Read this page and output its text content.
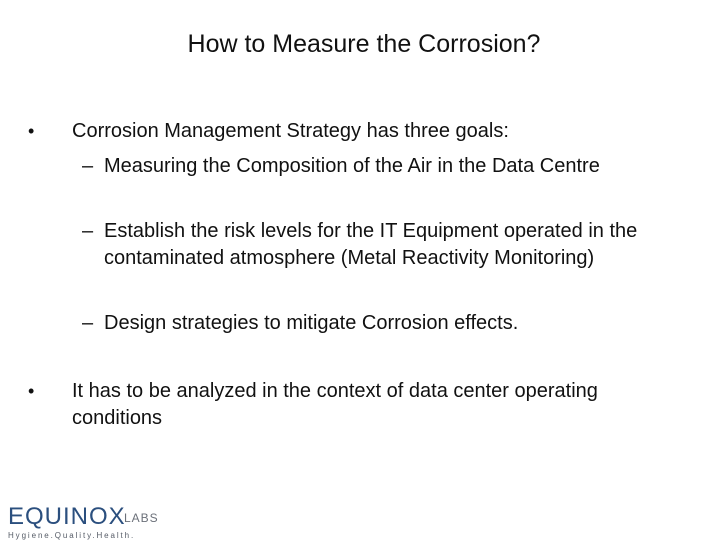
How to Measure the Corrosion?
• Corrosion Management Strategy has three goals:
– Measuring the Composition of the Air in the Data Centre
– Establish the risk levels for the IT Equipment operated in the contaminated atmosphere (Metal Reactivity Monitoring)
– Design strategies to mitigate Corrosion effects.
• It has to be analyzed in the context of data center operating conditions
EQUINOX
LABS
Hygiene.Quality.Health.
